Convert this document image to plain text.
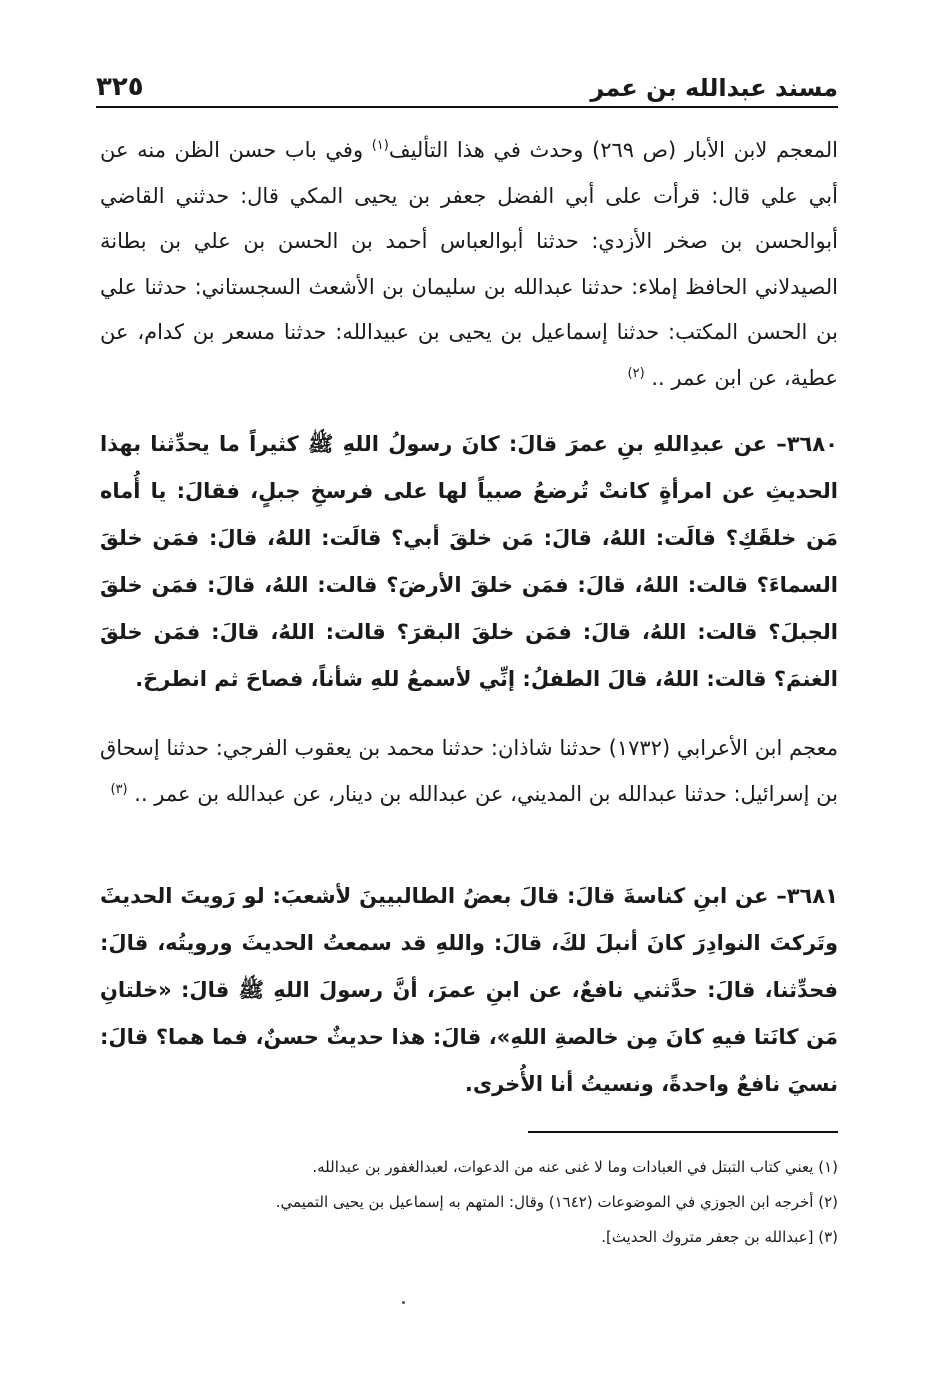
مسند عبدالله بن عمر
٣٢٥

المعجم لابن الأبار (ص ٢٦٩) وحدث في هذا التأليف$^{(١)}$ وفي باب حسن الظن منه عن أبي علي قال: قرأت على أبي الفضل جعفر بن يحيى المكي قال: حدثني القاضي أبوالحسن بن صخر الأزدي: حدثنا أبوالعباس أحمد بن الحسن بن علي بن بطانة الصيدلاني الحافظ إملاء: حدثنا عبدالله بن سليمان بن الأشعث السجستاني: حدثنا علي بن الحسن المكتب: حدثنا إسماعيل بن يحيى بن عبيدالله: حدثنا مسعر بن كدام، عن عطية، عن ابن عمر .. $^{(٢)}$

٣٦٨٠– عن عبدِاللهِ بنِ عمرَ قالَ: كانَ رسولُ اللهِ ﷺ كثيراً ما يحدِّثنا بهذا الحديثِ عن امرأةٍ كانتْ تُرضعُ صبياً لها على فرسخِ جبلٍ، فقالَ: يا أُماه مَن خلقَكِ؟ قالَت: اللهُ، قالَ: مَن خلقَ أبي؟ قالَت: اللهُ، قالَ: فمَن خلقَ السماءَ؟ قالت: اللهُ، قالَ: فمَن خلقَ الأرضَ؟ قالت: اللهُ، قالَ: فمَن خلقَ الجبلَ؟ قالت: اللهُ، قالَ: فمَن خلقَ البقرَ؟ قالت: اللهُ، قالَ: فمَن خلقَ الغنمَ؟ قالت: اللهُ، قالَ الطفلُ: إنِّي لأسمعُ للهِ شأناً، فصاحَ ثم انطرحَ.

معجم ابن الأعرابي (١٧٣٢) حدثنا شاذان: حدثنا محمد بن يعقوب الفرجي: حدثنا إسحاق بن إسرائيل: حدثنا عبدالله بن المديني، عن عبدالله بن دينار، عن عبدالله بن عمر .. $^{(٣)}$

٣٦٨١– عن ابنِ كناسةَ قالَ: قالَ بعضُ الطالبيينَ لأشعبَ: لو رَويتَ الحديثَ وتَركتَ النوادِرَ كانَ أنبلَ لكَ، قالَ: واللهِ قد سمعتُ الحديثَ ورويتُه، قالَ: فحدِّثنا، قالَ: حدَّثني نافعٌ، عن ابنِ عمرَ، أنَّ رسولَ اللهِ ﷺ قالَ: «خلتانِ مَن كانَتا فيهِ كانَ مِن خالصةِ اللهِ»، قالَ: هذا حديثٌ حسنٌ، فما هما؟ قالَ: نسيَ نافعٌ واحدةً، ونسيتُ أنا الأُخرى.

(١) يعني كتاب التبتل في العبادات وما لا غنى عنه من الدعوات، لعبدالغفور بن عبدالله.

(٢) أخرجه ابن الجوزي في الموضوعات (١٦٤٢) وقال: المتهم به إسماعيل بن يحيى التميمي.

(٣) [عبدالله بن جعفر متروك الحديث].
